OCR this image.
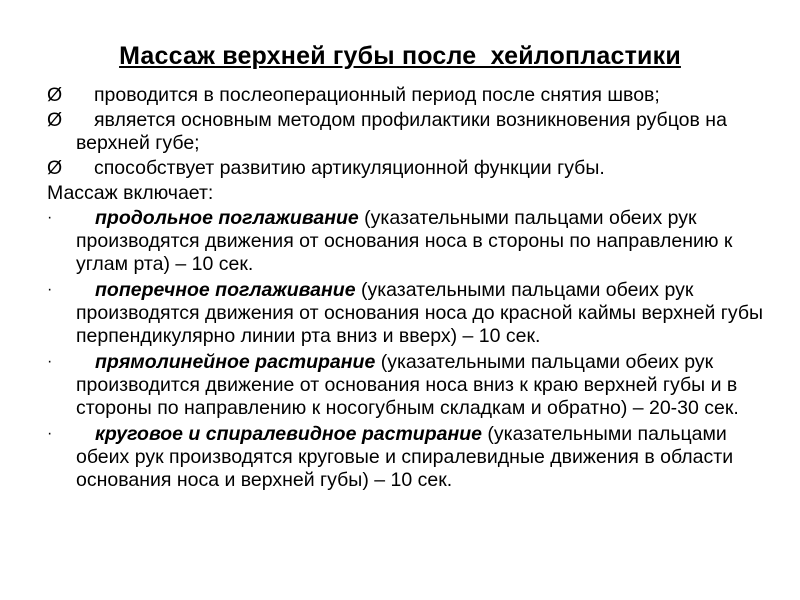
Массаж верхней губы после  хейлопластики
Ø проводится в послеоперационный период после снятия швов;
Ø является основным методом профилактики возникновения рубцов на верхней губе;
Ø способствует развитию артикуляционной функции губы.
Массаж включает:
· продольное поглаживание (указательными пальцами обеих рук производятся движения от основания носа в стороны по направлению к углам рта) – 10 сек.
· поперечное поглаживание (указательными пальцами обеих рук производятся движения от основания носа до красной каймы верхней губы перпендикулярно линии рта вниз и вверх) – 10 сек.
· прямолинейное растирание (указательными пальцами обеих рук производится движение от основания носа вниз к краю верхней губы и в стороны по направлению к носогубным складкам и обратно) – 20-30 сек.
· круговое и спиралевидное растирание (указательными пальцами обеих рук производятся круговые и спиралевидные движения в области основания носа и верхней губы) – 10 сек.
